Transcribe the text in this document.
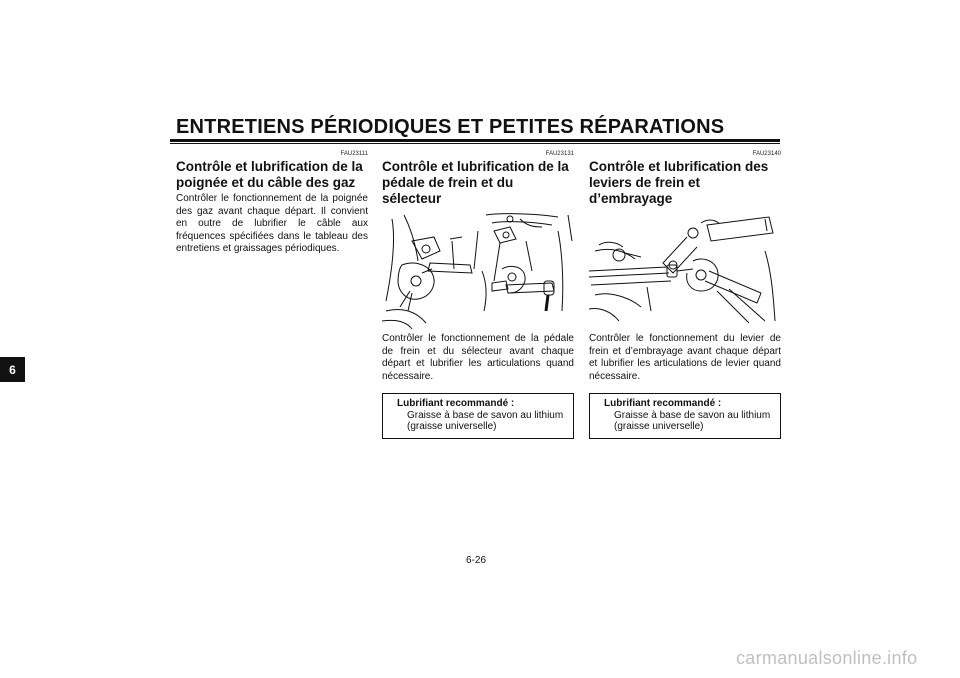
ENTRETIENS PÉRIODIQUES ET PETITES RÉPARATIONS
6
FAU23111
Contrôle et lubrification de la
poignée et du câble des gaz

Contrôler le fonctionnement de la poignée des gaz avant chaque départ. Il convient en outre de lubrifier le câble aux fréquences spécifiées dans le tableau des entretiens et graissages périodiques.

FAU23131
Contrôle et lubrification de la
pédale de frein et du sélecteur

Contrôler le fonctionnement de la pédale de frein et du sélecteur avant chaque départ et lubrifier les articulations quand nécessaire.

Lubrifiant recommandé :
Graisse à base de savon au lithium
(graisse universelle)
FAU23140
Contrôle et lubrification des
leviers de frein et d’embrayage

Contrôler le fonctionnement du levier de frein et d’embrayage avant chaque départ et lubrifier les articulations de levier quand nécessaire.

Lubrifiant recommandé :
Graisse à base de savon au lithium
(graisse universelle)
6-26
carmanualsonline.info
